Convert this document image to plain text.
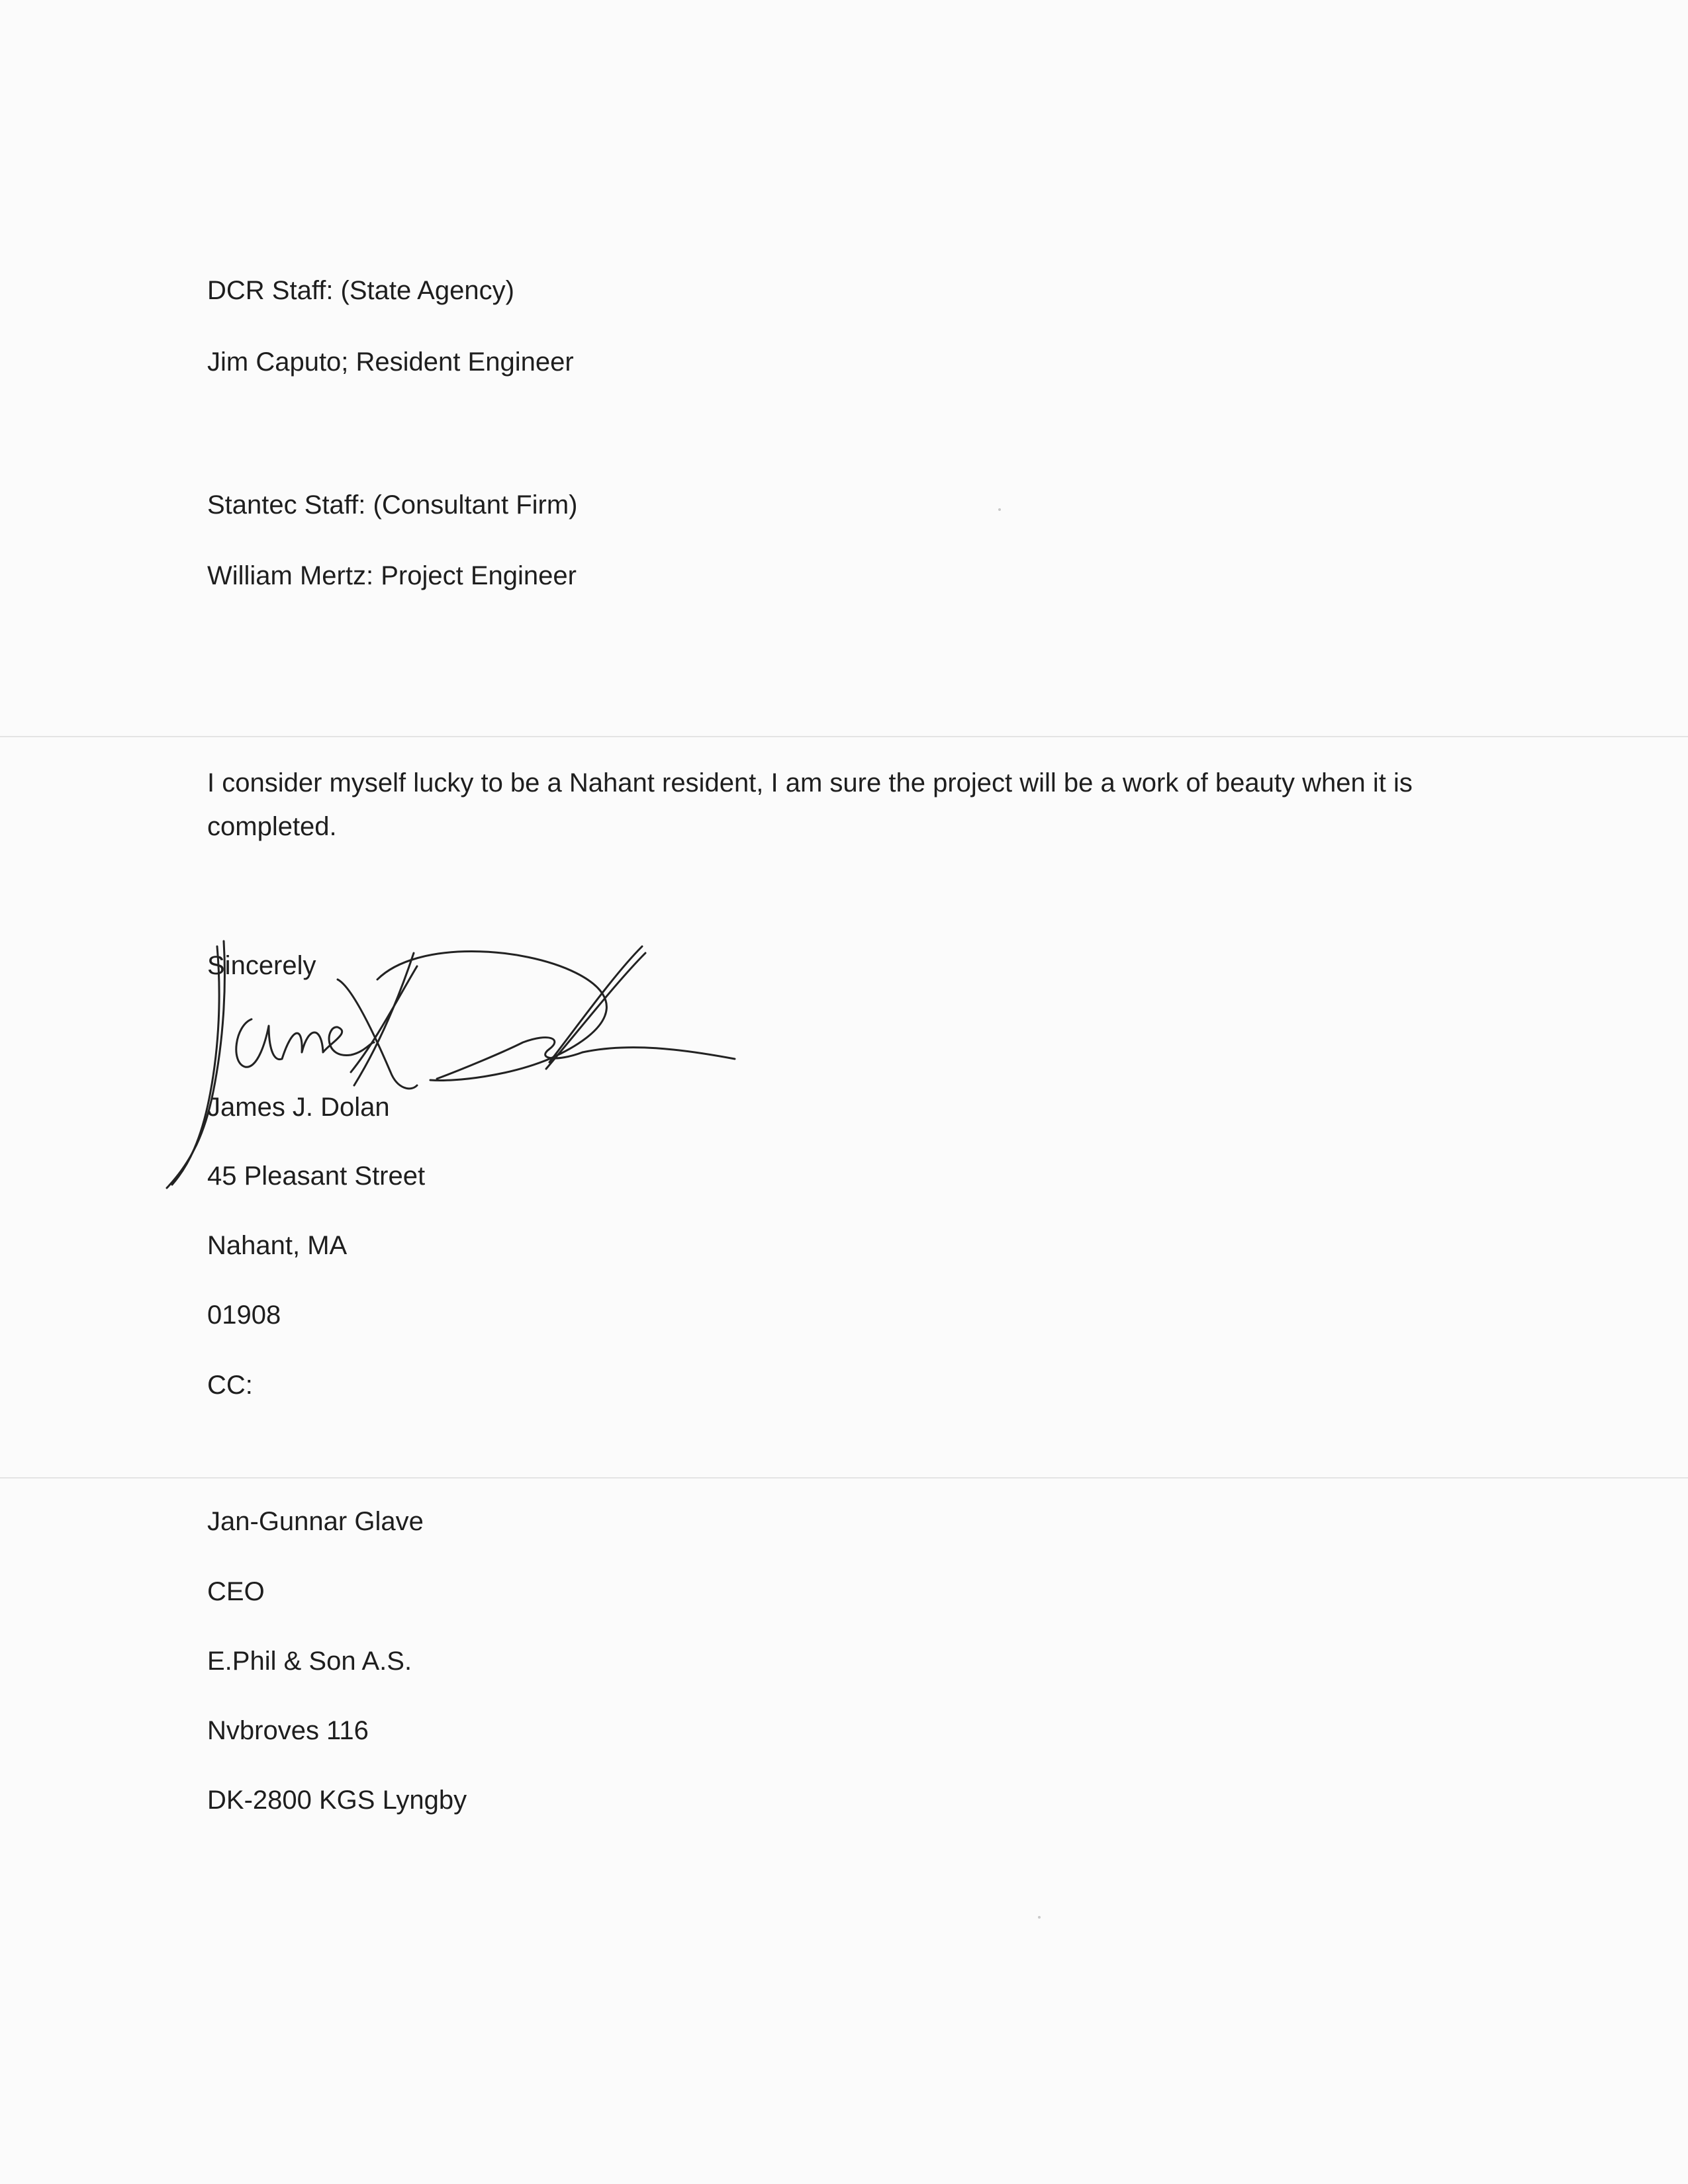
DCR Staff: (State Agency)
Jim Caputo; Resident Engineer
Stantec Staff: (Consultant Firm)
William Mertz: Project Engineer
I consider myself lucky to be a Nahant resident, I am sure the project will be a work of beauty when it is completed.
Sincerely
James J. Dolan
45 Pleasant Street
Nahant, MA
01908
CC:
Jan-Gunnar Glave
CEO
E.Phil & Son A.S.
Nvbroves 116
DK-2800 KGS Lyngby
